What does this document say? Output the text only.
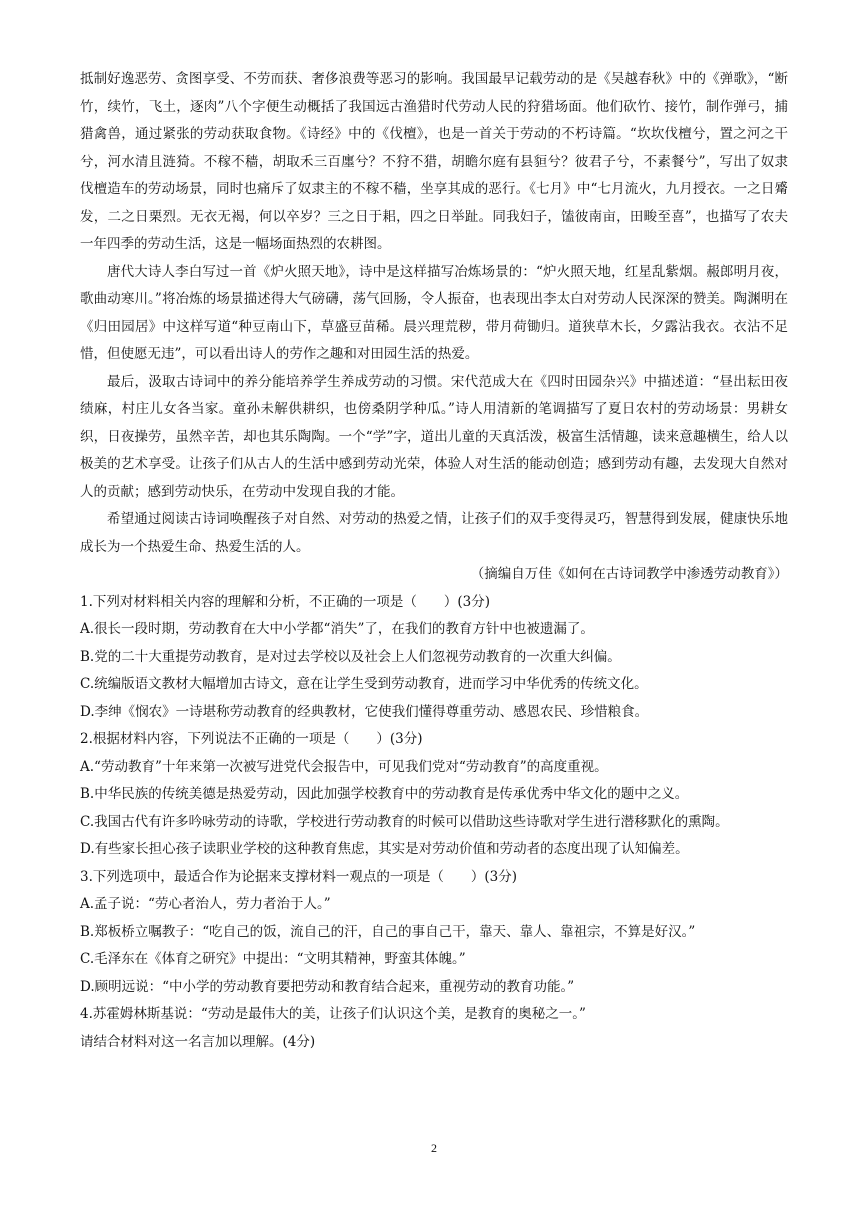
抵制好逸恶劳、贪图享受、不劳而获、奢侈浪费等恶习的影响。我国最早记载劳动的是《吴越春秋》中的《弹歌》，“断竹，续竹，飞土，逐肉”八个字便生动概括了我国远古渔猎时代劳动人民的狩猎场面。他们砍竹、接竹，制作弹弓，捕猎禽兽，通过紧张的劳动获取食物。《诗经》中的《伐檀》，也是一首关于劳动的不朽诗篇。“坎坎伐檀兮，置之河之干兮，河水清且涟猗。不稼不穑，胡取禾三百廛兮？不狩不猎，胡瞻尔庭有县貆兮？彼君子兮，不素餐兮”，写出了奴隶伐檀造车的劳动场景，同时也痛斥了奴隶主的不稼不穑，坐享其成的恶行。《七月》中“七月流火，九月授衣。一之日觱发，二之日栗烈。无衣无褐，何以卒岁？三之日于耜，四之日举趾。同我妇子，馌彼南亩，田畯至喜”，也描写了农夫一年四季的劳动生活，这是一幅场面热烈的农耕图。

唐代大诗人李白写过一首《炉火照天地》，诗中是这样描写冶炼场景的：“炉火照天地，红星乱紫烟。赧郎明月夜，歌曲动寒川。”将冶炼的场景描述得大气磅礴，荡气回肠，令人振奋，也表现出李太白对劳动人民深深的赞美。陶渊明在《归田园居》中这样写道“种豆南山下，草盛豆苗稀。晨兴理荒秽，带月荷锄归。道狭草木长，夕露沾我衣。衣沾不足惜，但使愿无违”，可以看出诗人的劳作之趣和对田园生活的热爱。

最后，汲取古诗词中的养分能培养学生养成劳动的习惯。宋代范成大在《四时田园杂兴》中描述道：“昼出耘田夜绩麻，村庄儿女各当家。童孙未解供耕织，也傍桑阴学种瓜。”诗人用清新的笔调描写了夏日农村的劳动场景：男耕女织，日夜操劳，虽然辛苦，却也其乐陶陶。一个“学”字，道出儿童的天真活泼，极富生活情趣，读来意趣横生，给人以极美的艺术享受。让孩子们从古人的生活中感到劳动光荣，体验人对生活的能动创造；感到劳动有趣，去发现大自然对人的贡献；感到劳动快乐，在劳动中发现自我的才能。

希望通过阅读古诗词唤醒孩子对自然、对劳动的热爱之情，让孩子们的双手变得灵巧，智慧得到发展，健康快乐地成长为一个热爱生命、热爱生活的人。

（摘编自万佳《如何在古诗词教学中渗透劳动教育》）

1.下列对材料相关内容的理解和分析，不正确的一项是（　　）(3分)

A.很长一段时期，劳动教育在大中小学都“消失”了，在我们的教育方针中也被遗漏了。

B.党的二十大重提劳动教育，是对过去学校以及社会上人们忽视劳动教育的一次重大纠偏。

C.统编版语文教材大幅增加古诗文，意在让学生受到劳动教育，进而学习中华优秀的传统文化。

D.李绅《悯农》一诗堪称劳动教育的经典教材，它使我们懂得尊重劳动、感恩农民、珍惜粮食。

2.根据材料内容，下列说法不正确的一项是（　　）(3分)

A.“劳动教育”十年来第一次被写进党代会报告中，可见我们党对“劳动教育”的高度重视。

B.中华民族的传统美德是热爱劳动，因此加强学校教育中的劳动教育是传承优秀中华文化的题中之义。

C.我国古代有许多吟咏劳动的诗歌，学校进行劳动教育的时候可以借助这些诗歌对学生进行潜移默化的熏陶。

D.有些家长担心孩子读职业学校的这种教育焦虑，其实是对劳动价值和劳动者的态度出现了认知偏差。

3.下列选项中，最适合作为论据来支撑材料一观点的一项是（　　）(3分)

A.孟子说：“劳心者治人，劳力者治于人。”

B.郑板桥立嘱教子：“吃自己的饭，流自己的汗，自己的事自己干，靠天、靠人、靠祖宗，不算是好汉。”

C.毛泽东在《体育之研究》中提出：“文明其精神，野蛮其体魄。”

D.顾明远说：“中小学的劳动教育要把劳动和教育结合起来，重视劳动的教育功能。”

4.苏霍姆林斯基说：“劳动是最伟大的美，让孩子们认识这个美，是教育的奥秘之一。”

请结合材料对这一名言加以理解。(4分)

2
